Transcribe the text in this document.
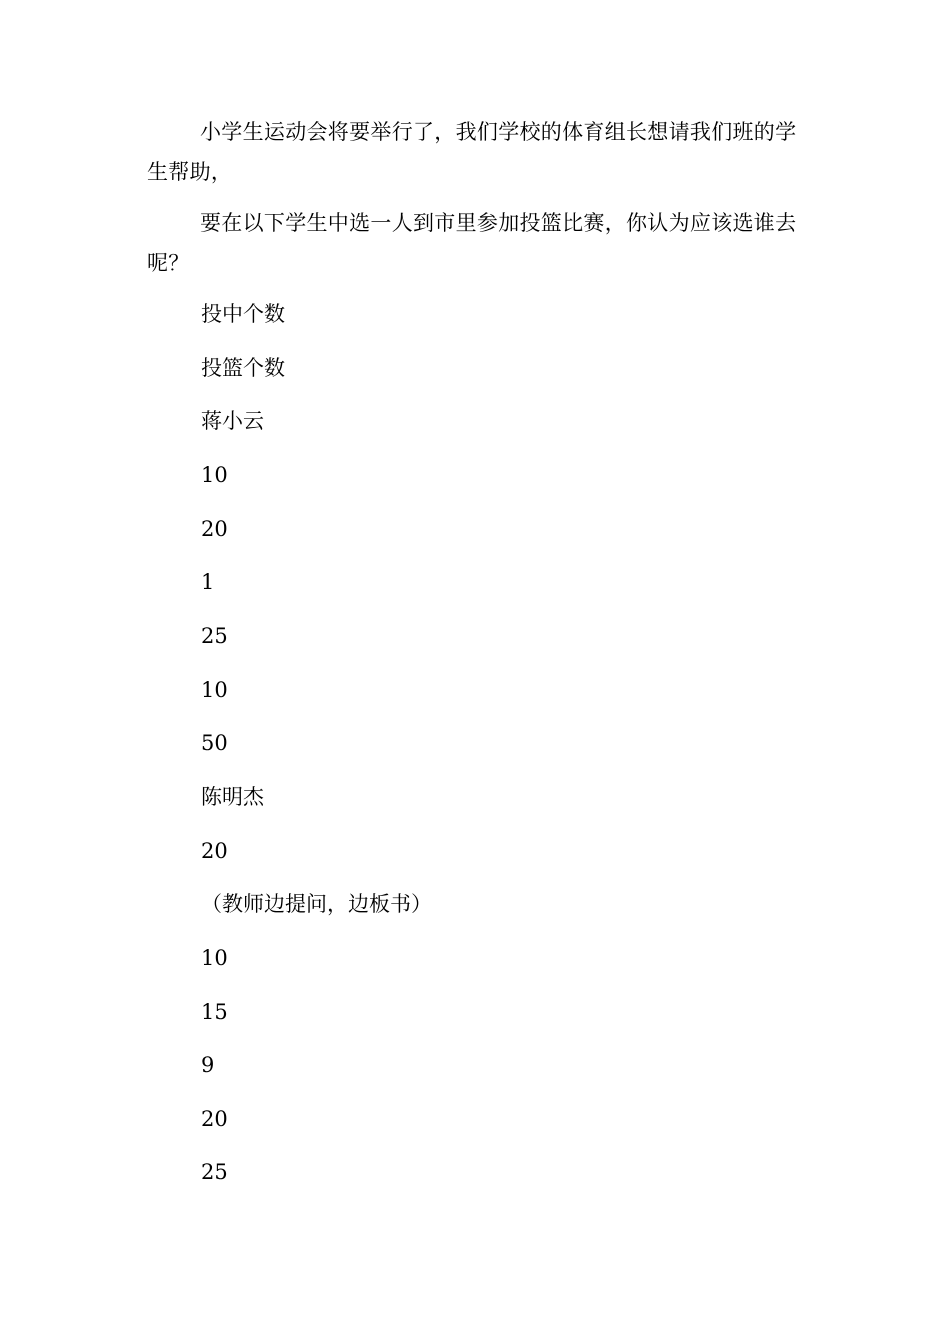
小学生运动会将要举行了，我们学校的体育组长想请我们班的学生帮助，

要在以下学生中选一人到市里参加投篮比赛，你认为应该选谁去呢？

投中个数

投篮个数

蒋小云

10

20

1

25

10

50

陈明杰

20

（教师边提问，边板书）

10

15

9

20

25
